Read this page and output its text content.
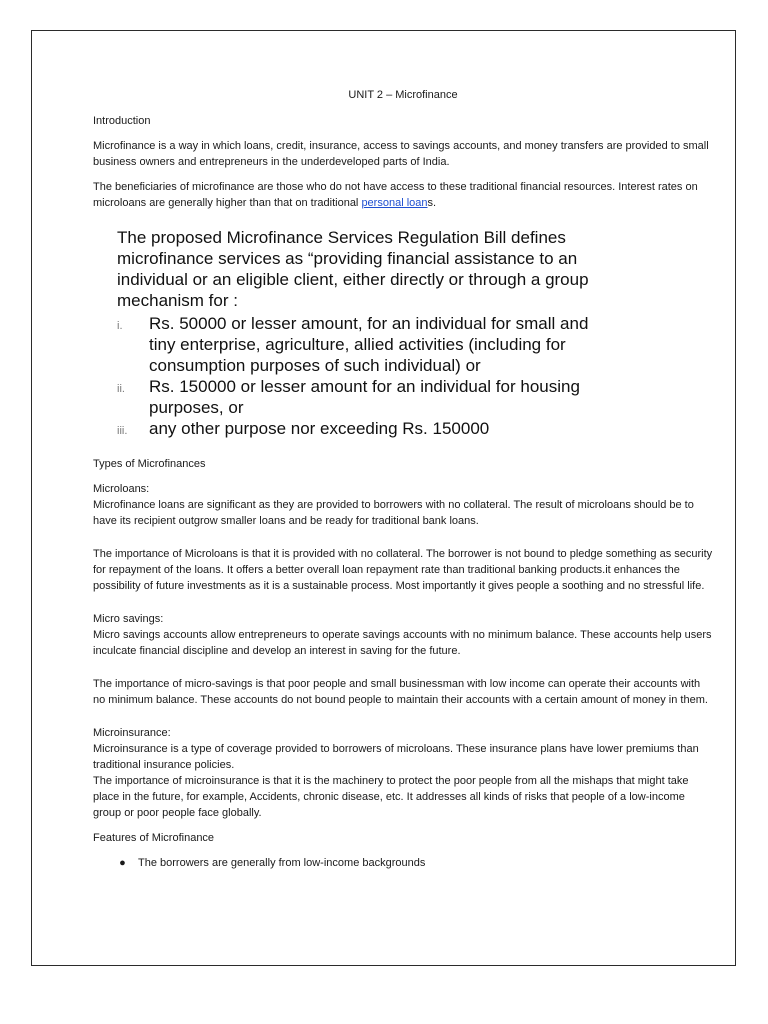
UNIT 2 – Microfinance
Introduction

Microfinance is a way in which loans, credit, insurance, access to savings accounts, and money transfers are provided to small business owners and entrepreneurs in the underdeveloped parts of India.

The beneficiaries of microfinance are those who do not have access to these traditional financial resources. Interest rates on microloans are generally higher than that on traditional personal loans.

The proposed Microfinance Services Regulation Bill defines microfinance services as “providing financial assistance to an individual or an eligible client, either directly or through a group mechanism for :
i.	Rs. 50000 or lesser amount, for an individual for small and tiny enterprise, agriculture, allied activities (including for consumption purposes of such individual) or
ii.	Rs. 150000 or lesser amount for an individual for housing purposes, or
iii.	any other purpose nor exceeding Rs. 150000
Types of Microfinances
Microloans:

Microfinance loans are significant as they are provided to borrowers with no collateral. The result of microloans should be to have its recipient outgrow smaller loans and be ready for traditional bank loans.

The importance of Microloans is that it is provided with no collateral. The borrower is not bound to pledge something as security for repayment of the loans. It offers a better overall loan repayment rate than traditional banking products.it enhances the possibility of future investments as it is a sustainable process. Most importantly it gives people a soothing and no stressful life.

Micro savings:

Micro savings accounts allow entrepreneurs to operate savings accounts with no minimum balance. These accounts help users inculcate financial discipline and develop an interest in saving for the future.

The importance of micro-savings is that poor people and small businessman with low income can operate their accounts with no minimum balance. These accounts do not bound people to maintain their accounts with a certain amount of money in them.

Microinsurance:
Microinsurance is a type of coverage provided to borrowers of microloans. These insurance plans have lower premiums than traditional insurance policies.

The importance of microinsurance is that it is the machinery to protect the poor people from all the mishaps that might take place in the future, for example, Accidents, chronic disease, etc. It addresses all kinds of risks that people of a low-income group or poor people face globally.

Features of Microfinance
●	The borrowers are generally from low-income backgrounds
